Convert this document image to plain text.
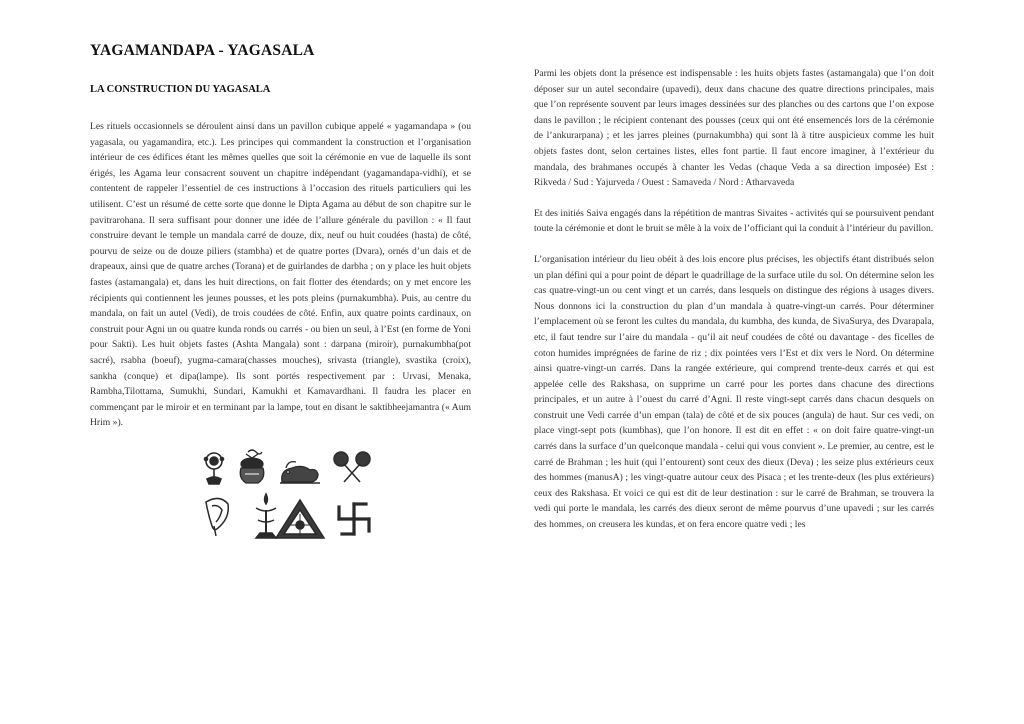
YAGAMANDAPA - YAGASALA
LA CONSTRUCTION DU YAGASALA

Les rituels occasionnels se déroulent ainsi dans un pavillon cubique appelé « yagamandapa » (ou yagasala, ou yagamandira, etc.). Les principes qui commandent la construction et l’organisation intérieur de ces édifices étant les mêmes quelles que soit la cérémonie en vue de laquelle ils sont érigés, les Agama leur consacrent souvent un chapitre indépendant (yagamandapa-vidhi), et se contentent de rappeler l’essentiel de ces instructions à l’occasion des rituels particuliers qui les utilisent. C’est un résumé de cette sorte que donne le Dipta Agama au début de son chapitre sur le pavitrarohana. Il sera suffisant pour donner une idée de l’allure générale du pavillon : « Il faut construire devant le temple un mandala carré de douze, dix, neuf ou huit coudées (hasta) de côté, pourvu de seize ou de douze piliers (stambha) et de quatre portes (Dvara), ornés d’un dais et de drapeaux, ainsi que de quatre arches (Torana) et de guirlandes de darbha ; on y place les huit objets fastes (astamangala) et, dans les huit directions, on fait flotter des étendards; on y met encore les récipients qui contiennent les jeunes pousses, et les pots pleins (purnakumbha). Puis, au centre du mandala, on fait un autel (Vedi), de trois coudées de côté. Enfin, aux quatre points cardinaux, on construit pour Agni un ou quatre kunda ronds ou carrés - ou bien un seul, à l’Est (en forme de Yoni pour Sakti). Les huit objets fastes (Ashta Mangala) sont : darpana (miroir), purnakumbha(pot sacré), rsabha (boeuf), yugma-camara(chasses mouches), srivasta (triangle), svastika (croix), sankha (conque) et dipa(lampe). Ils sont portés respectivement par : Urvasi, Menaka, Rambha,Tilottama, Sumukhi, Sundari, Kamukhi et Kamavardhani. Il faudra les placer en commençant par le miroir et en terminant par la lampe, tout en disant le saktibheejamantra (« Aum Hrim »).

Parmi les objets dont la présence est indispensable : les huits objets fastes (astamangala) que l’on doit déposer sur un autel secondaire (upavedi), deux dans chacune des quatre directions principales, mais que l’on représente souvent par leurs images dessinées sur des planches ou des cartons que l’on expose dans le pavillon ; le récipient contenant des pousses (ceux qui ont été ensemencés lors de la cérémonie de l’ankurarpana) ; et les jarres pleines (purnakumbha) qui sont là à titre auspicieux comme les huit objets fastes dont, selon certaines listes, elles font partie. Il faut encore imaginer, à l’extérieur du mandala, des brahmanes occupés à chanter les Vedas (chaque Veda a sa direction imposée) Est : Rikveda / Sud : Yajurveda / Ouest : Samaveda / Nord : Atharvaveda

Et des initiés Saiva engagés dans la répétition de mantras Sivaites - activités qui se poursuivent pendant toute la cérémonie et dont le bruit se mêle à la voix de l’officiant qui la conduit à l’intérieur du pavillon.

L’organisation intérieur du lieu obéit à des lois encore plus précises, les objectifs étant distribués selon un plan défini qui a pour point de départ le quadrillage de la surface utile du sol. On détermine selon les cas quatre-vingt-un ou cent vingt et un carrés, dans lesquels on distingue des régions à usages divers. Nous donnons ici la construction du plan d’un mandala à quatre-vingt-un carrés. Pour déterminer l’emplacement où se feront les cultes du mandala, du kumbha, des kunda, de SivaSurya, des Dvarapala, etc, il faut tendre sur l’aire du mandala - qu’il ait neuf coudées de côté ou davantage - des ficelles de coton humides imprégnées de farine de riz ; dix pointées vers l’Est et dix vers le Nord. On détermine ainsi quatre-vingt-un carrés. Dans la rangée extérieure, qui comprend trente-deux carrés et qui est appelée celle des Rakshasa, on supprime un carré pour les portes dans chacune des directions principales, et un autre à l’ouest du carré d’Agni. Il reste vingt-sept carrés dans chacun desquels on construit une Vedi carrée d’un empan (tala) de côté et de six pouces (angula) de haut. Sur ces vedi, on place vingt-sept pots (kumbhas), que l’on honore. Il est dit en effet : « on doit faire quatre-vingt-un carrés dans la surface d’un quelconque mandala - celui qui vous convient ». Le premier, au centre, est le carré de Brahman ; les huit (qui l’entourent) sont ceux des dieux (Deva) ; les seize plus extérieurs ceux des hommes (manusA) ; les vingt-quatre autour ceux des Pisaca ; et les trente-deux (les plus extérieurs) ceux des Rakshasa. Et voici ce qui est dit de leur destination : sur le carré de Brahman, se trouvera la vedi qui porte le mandala, les carrés des dieux seront de même pourvus d’une upavedi ; sur les carrés des hommes, on creusera les kundas, et on fera encore quatre vedi ; les
